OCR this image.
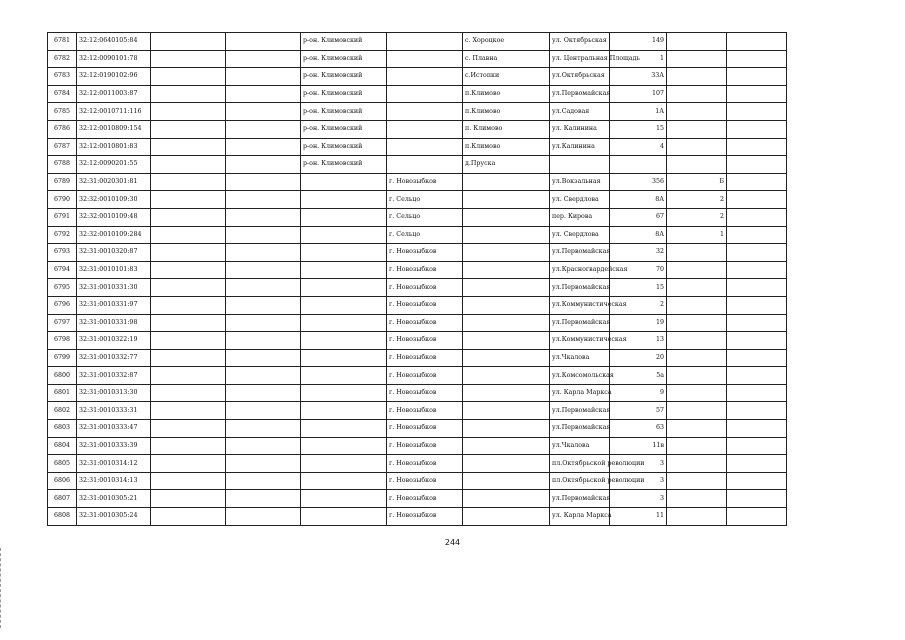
6781	32:12:0640105:84			р-он. Климовский		с. Хороцкое	ул. Октябрьская	149		
6782	32:12:0090101:78			р-он. Климовский		с. Плавна	ул. Центральная Площадь	1		
6783	32:12:0190102:96			р-он. Климовский		с.Истопки	ул.Октябрьская	33А		
6784	32:12:0011003:87			р-он. Климовский		п.Климово	ул.Первомайская	107		
6785	32:12:0010711:116			р-он. Климовский		п.Климово	ул.Садовая	1А		
6786	32:12:0010809:154			р-он. Климовский		п. Климово	ул. Калинина	15		
6787	32:12:0010801:83			р-он. Климовский		п.Климово	ул.Калинина	4		
6788	32:12:0090201:55			р-он. Климовский		д.Пруска				
6789	32:31:0020301:81				г. Новозыбков		ул.Вокзальная	356	Б	
6790	32:32:0010109:30				г. Сельцо		ул. Свердлова	8А	2	
6791	32:32:0010109:48				г. Сельцо		пер. Кирова	67	2	
6792	32:32:0010109:284				г. Сельцо		ул. Свердлова	8А	1	
6793	32:31:0010320:87				г. Новозыбков		ул.Первомайская	32		
6794	32:31:0010101:83				г. Новозыбков		ул.Красногвардейская	70		
6795	32:31:0010331:30				г. Новозыбков		ул.Первомайская	15		
6796	32:31:0010331:97				г. Новозыбков		ул.Коммунистическая	2		
6797	32:31:0010331:98				г. Новозыбков		ул.Первомайская	19		
6798	32:31:0010322:19				г. Новозыбков		ул.Коммунистическая	13		
6799	32:31:0010332:77				г. Новозыбков		ул.Чкалова	20		
6800	32:31:0010332:87				г. Новозыбков		ул.Комсомольская	5а		
6801	32:31:0010313:30				г. Новозыбков		ул. Карла Маркса	9		
6802	32:31:0010333:31				г. Новозыбков		ул.Первомайская	57		
6803	32:31:0010333:47				г. Новозыбков		ул.Первомайская	63		
6804	32:31:0010333:39				г. Новозыбков		ул.Чкалова	11в		
6805	32:31:0010314:12				г. Новозыбков		пл.Октябрьской революции	3		
6806	32:31:0010314:13				г. Новозыбков		пл.Октябрьской революции	3		
6807	32:31:0010305:21				г. Новозыбков		ул.Первомайская	3		
6808	32:31:0010305:24				г. Новозыбков		ул. Карла Маркса	11		
244
